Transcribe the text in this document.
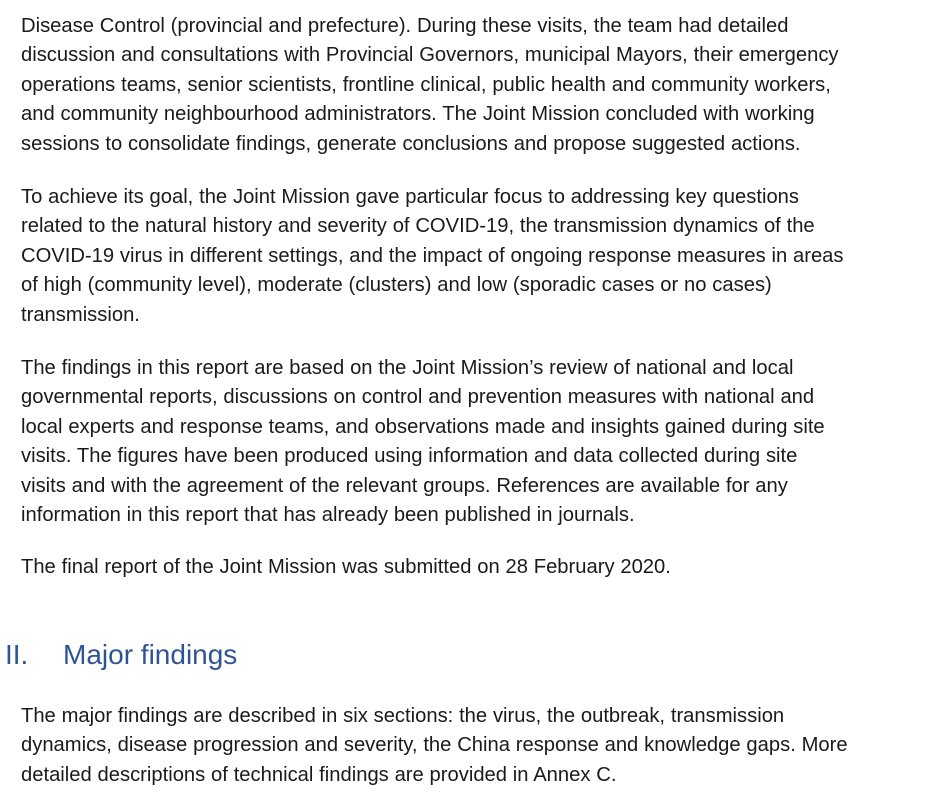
Disease Control (provincial and prefecture). During these visits, the team had detailed
discussion and consultations with Provincial Governors, municipal Mayors, their emergency
operations teams, senior scientists, frontline clinical, public health and community workers,
and community neighbourhood administrators. The Joint Mission concluded with working
sessions to consolidate findings, generate conclusions and propose suggested actions.

To achieve its goal, the Joint Mission gave particular focus to addressing key questions
related to the natural history and severity of COVID-19, the transmission dynamics of the
COVID-19 virus in different settings, and the impact of ongoing response measures in areas
of high (community level), moderate (clusters) and low (sporadic cases or no cases)
transmission.

The findings in this report are based on the Joint Mission’s review of national and local
governmental reports, discussions on control and prevention measures with national and
local experts and response teams, and observations made and insights gained during site
visits. The figures have been produced using information and data collected during site
visits and with the agreement of the relevant groups. References are available for any
information in this report that has already been published in journals.

The final report of the Joint Mission was submitted on 28 February 2020.

II. Major findings

The major findings are described in six sections: the virus, the outbreak, transmission
dynamics, disease progression and severity, the China response and knowledge gaps. More
detailed descriptions of technical findings are provided in Annex C.
